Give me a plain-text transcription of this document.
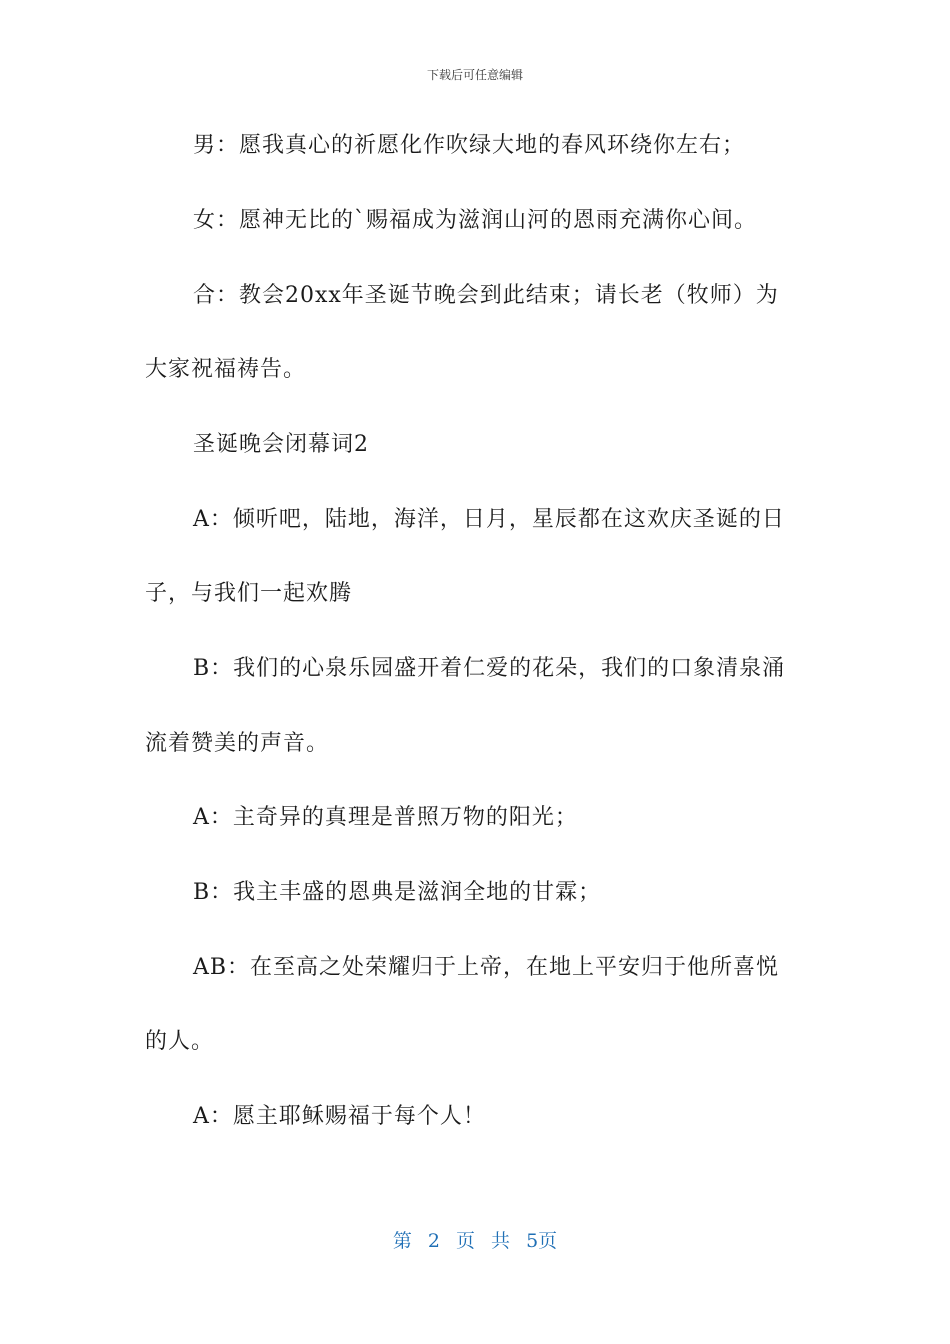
下载后可任意编辑
男：愿我真心的祈愿化作吹绿大地的春风环绕你左右；
女：愿神无比的`赐福成为滋润山河的恩雨充满你心间。
合：教会20xx年圣诞节晚会到此结束；请长老（牧师）为
大家祝福祷告。
圣诞晚会闭幕词2
A：倾听吧，陆地，海洋，日月，星辰都在这欢庆圣诞的日
子，与我们一起欢腾
B：我们的心泉乐园盛开着仁爱的花朵，我们的口象清泉涌
流着赞美的声音。
A：主奇异的真理是普照万物的阳光；
B：我主丰盛的恩典是滋润全地的甘霖；
AB：在至高之处荣耀归于上帝，在地上平安归于他所喜悦
的人。
A：愿主耶稣赐福于每个人！
第 2 页 共 5页
